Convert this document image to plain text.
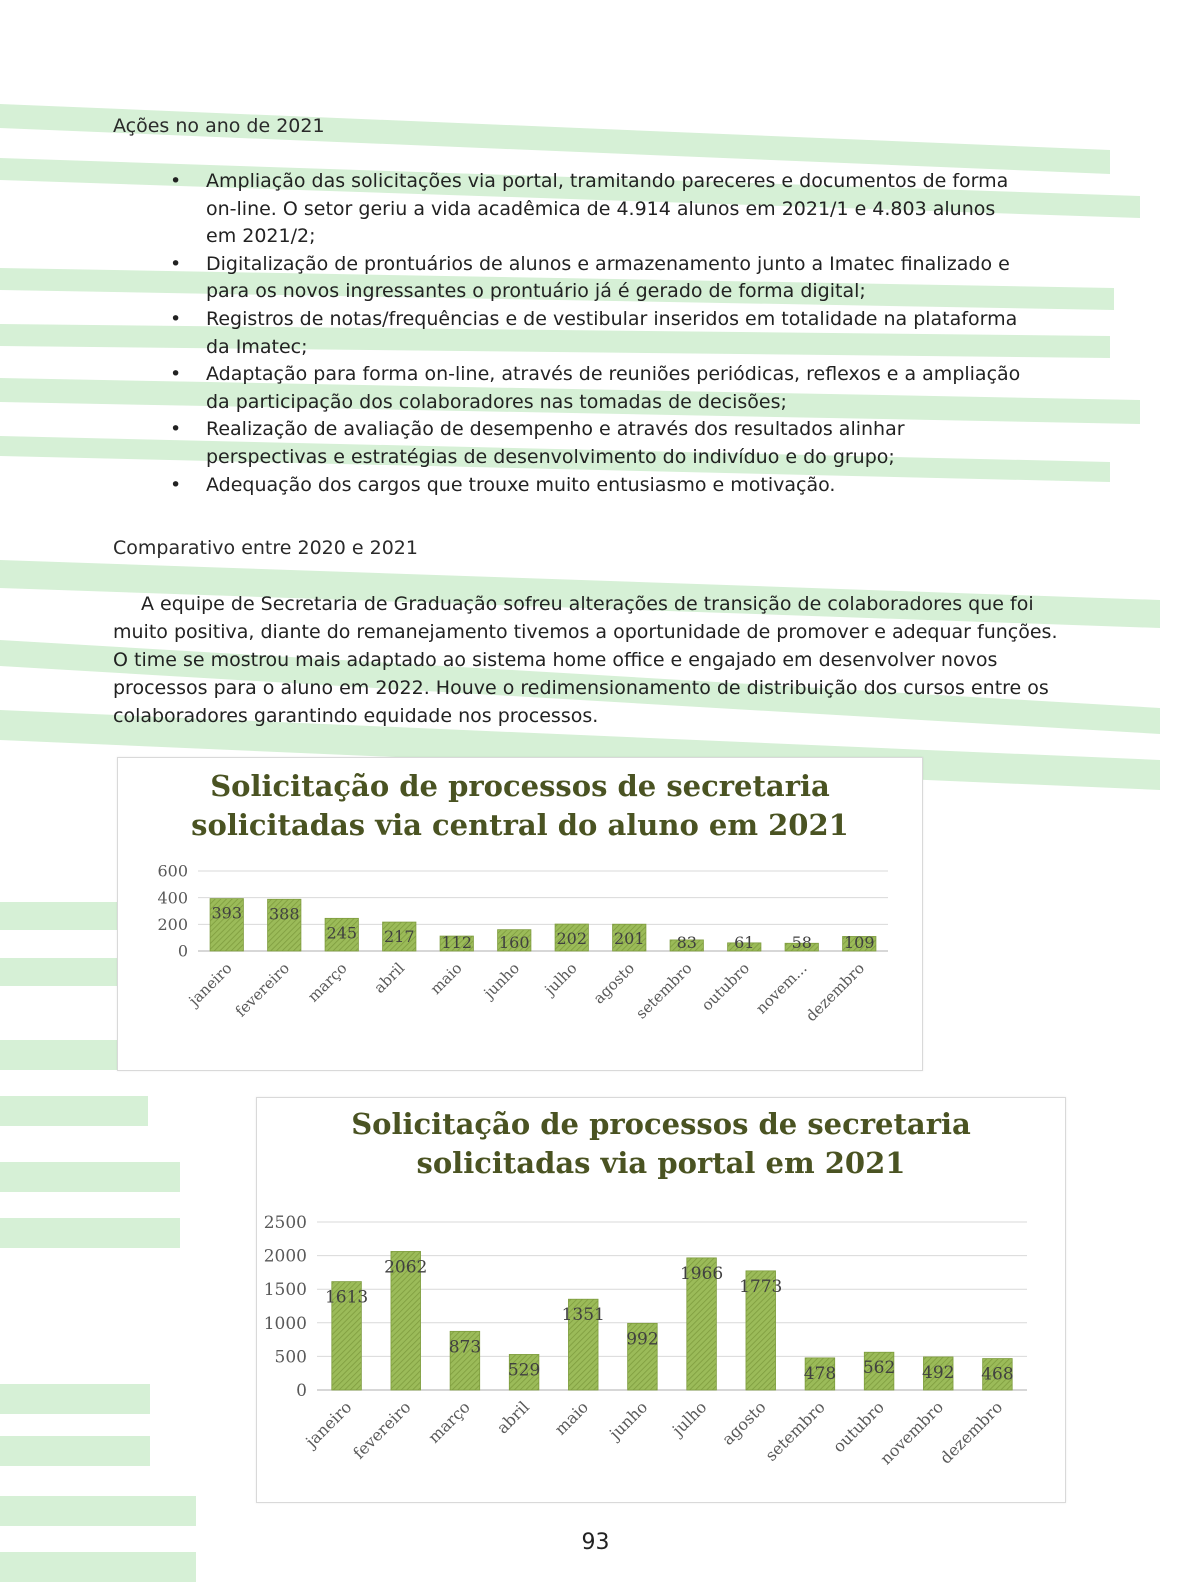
Ações no ano de 2021
• Ampliação das solicitações via portal, tramitando pareceres e documentos de forma on-line. O setor geriu a vida acadêmica de 4.914 alunos em 2021/1 e 4.803 alunos em 2021/2;
• Digitalização de prontuários de alunos e armazenamento junto a Imatec finalizado e para os novos ingressantes o prontuário já é gerado de forma digital;
• Registros de notas/frequências e de vestibular inseridos em totalidade na plataforma da Imatec;
• Adaptação para forma on-line, através de reuniões periódicas, reflexos e a ampliação da participação dos colaboradores nas tomadas de decisões;
• Realização de avaliação de desempenho e através dos resultados alinhar perspectivas e estratégias de desenvolvimento do indivíduo e do grupo;
• Adequação dos cargos que trouxe muito entusiasmo e motivação.
Comparativo entre 2020 e 2021

A equipe de Secretaria de Graduação sofreu alterações de transição de colaboradores que foi muito positiva, diante do remanejamento tivemos a oportunidade de promover e adequar funções. O time se mostrou mais adaptado ao sistema home office e engajado em desenvolver novos processos para o aluno em 2022. Houve o redimensionamento de distribuição dos cursos entre os colaboradores garantindo equidade nos processos.

Solicitação de processos de secretaria
solicitadas via central do aluno em 2021
0
200
400
600
393
janeiro
388
fevereiro
245
março
217
abril
112
maio
160
junho
202
julho
201
agosto
83
setembro
61
outubro
58
novem...
109
dezembro
Solicitação de processos de secretaria
solicitadas via portal em 2021
0
500
1000
1500
2000
2500
1613
janeiro
2062
fevereiro
873
março
529
abril
1351
maio
992
junho
1966
julho
1773
agosto
478
setembro
562
outubro
492
novembro
468
dezembro
93
